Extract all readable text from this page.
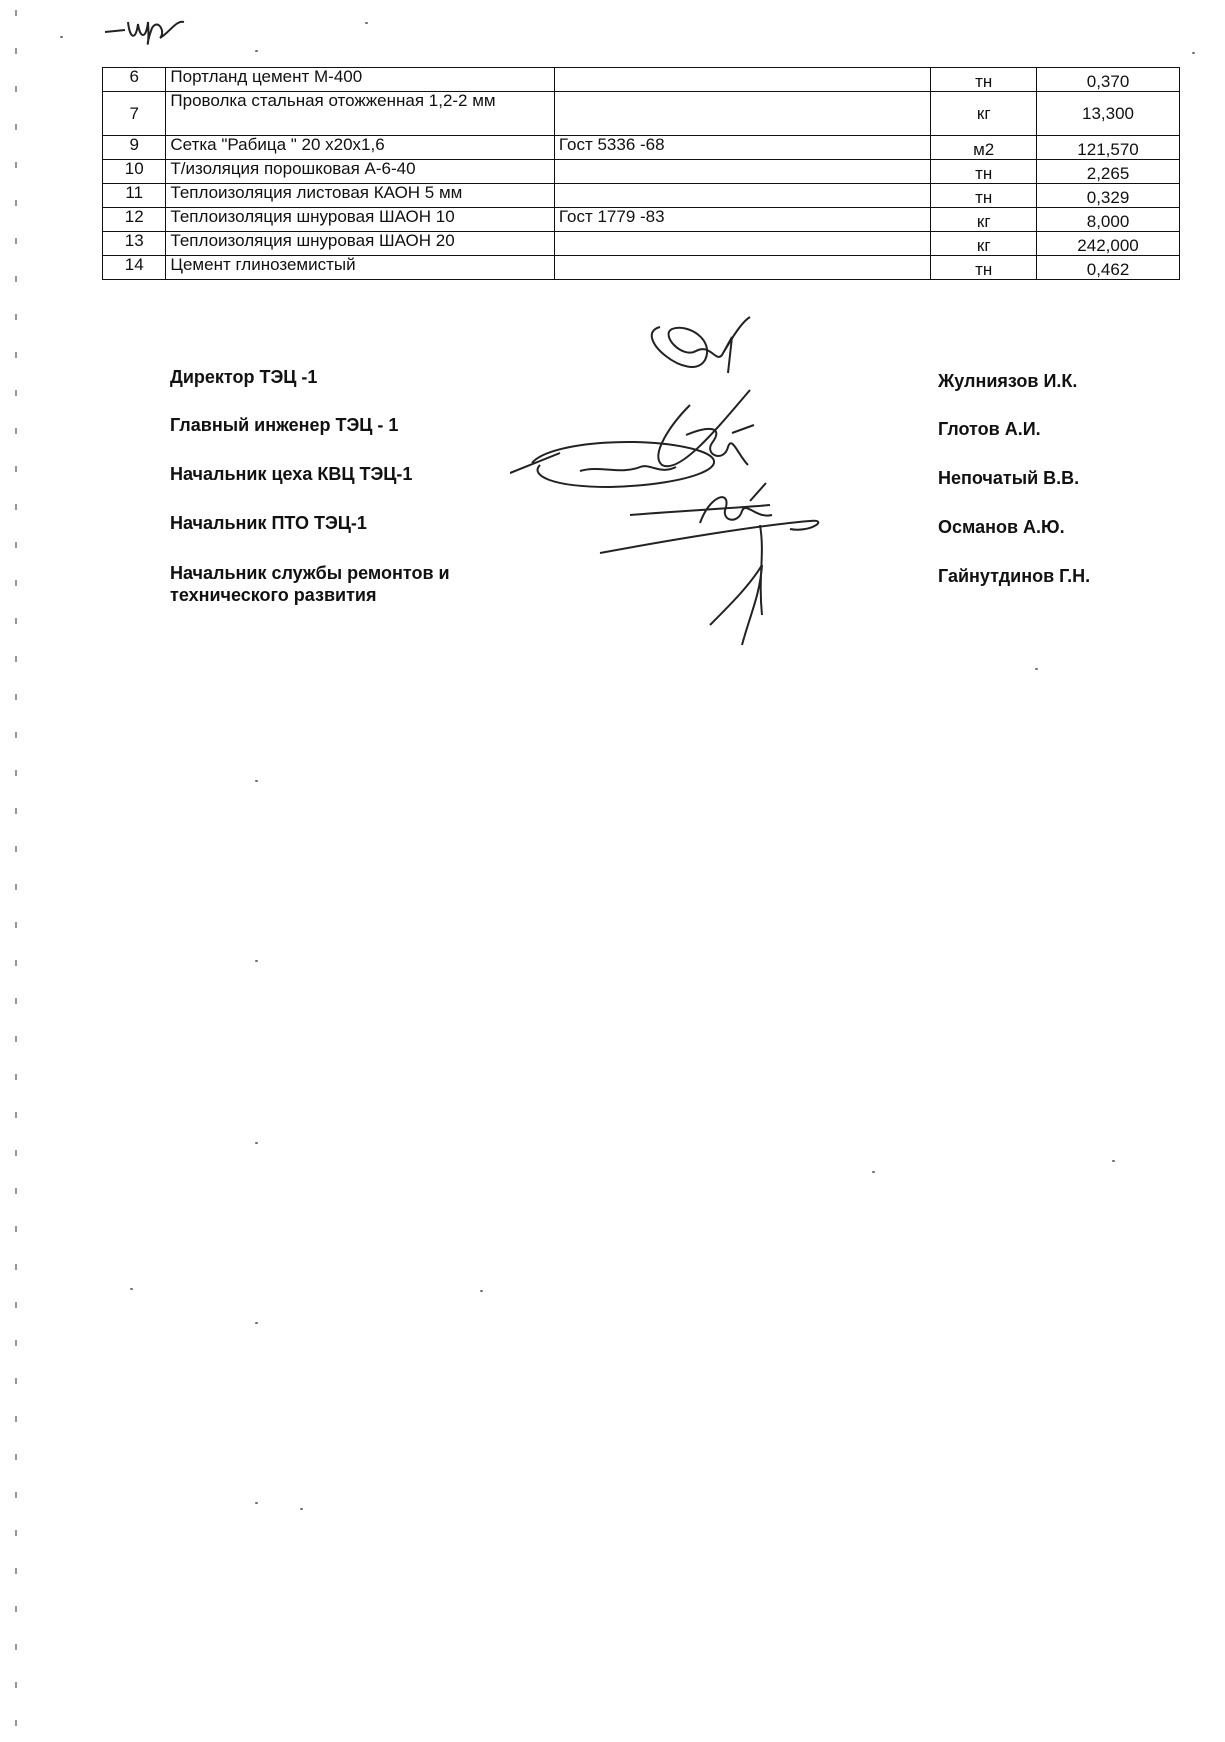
6	Портланд цемент М-400		тн	0,370
7	Проволка стальная отожженная 1,2-2 мм		кг	13,300
9	Сетка "Рабица " 20 х20х1,6	Гост 5336 -68	м2	121,570
10	Т/изоляция порошковая А-6-40		тн	2,265
11	Теплоизоляция листовая КАОН 5 мм		тн	0,329
12	Теплоизоляция шнуровая ШАОН 10	Гост 1779 -83	кг	8,000
13	Теплоизоляция шнуровая ШАОН 20		кг	242,000
14	Цемент глиноземистый		тн	0,462
Директор ТЭЦ -1
Главный инженер ТЭЦ - 1
Начальник цеха КВЦ ТЭЦ-1
Начальник ПТО ТЭЦ-1
Начальник службы ремонтов и технического развития
Жулниязов И.К.
Глотов А.И.
Непочатый В.В.
Османов А.Ю.
Гайнутдинов Г.Н.
